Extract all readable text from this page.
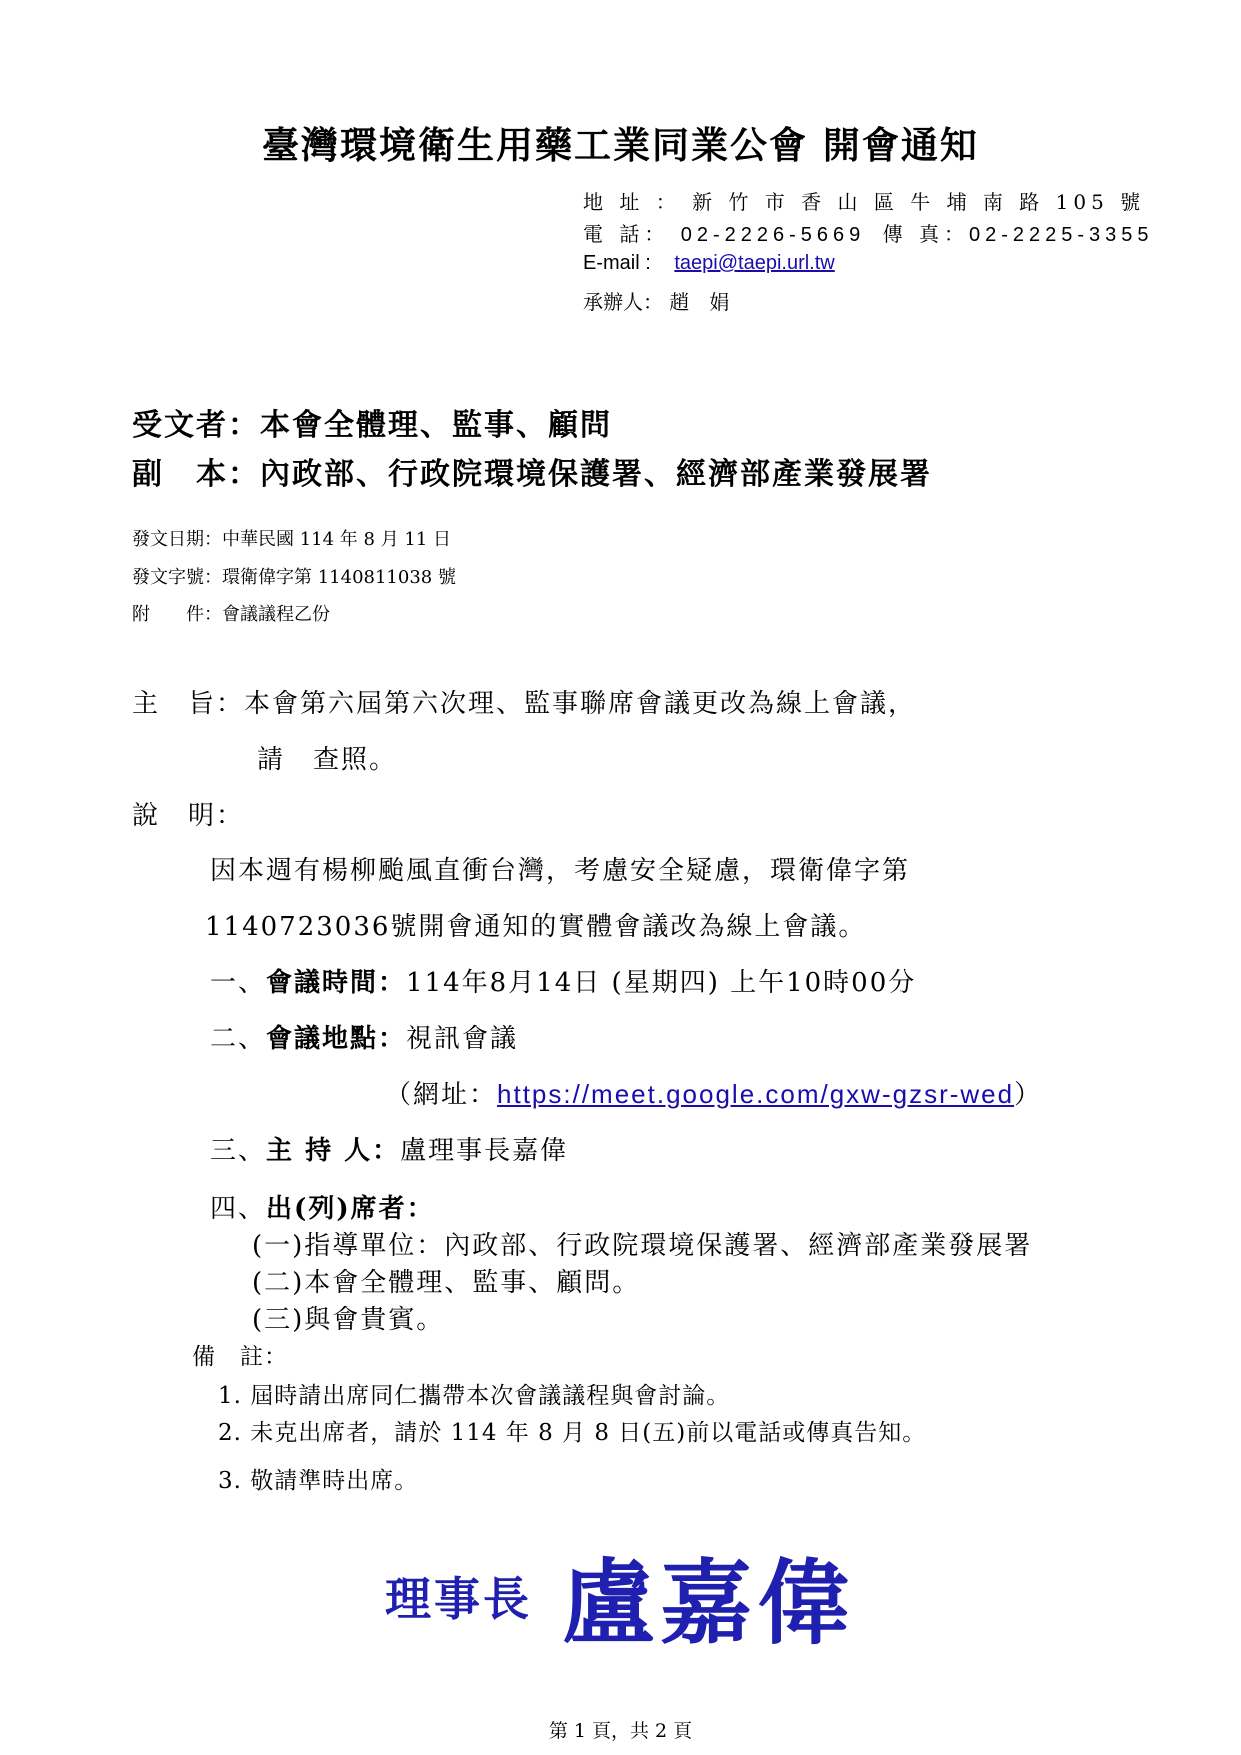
臺灣環境衛生用藥工業同業公會 開會通知
地 址 ： 新 竹 市 香 山 區 牛 埔 南 路 105 號
電 話： 02-2226-5669 傳 真：02-2225-3355
E-mail : taepi@taepi.url.tw
承辦人： 趙　娟
受文者：本會全體理、監事、顧問
副　本：內政部、行政院環境保護署、經濟部產業發展署
發文日期：中華民國 114 年 8 月 11 日
發文字號：環衛偉字第 1140811038 號
附　　件：會議議程乙份
主　旨：本會第六屆第六次理、監事聯席會議更改為線上會議，
請　查照。
說　明：
因本週有楊柳颱風直衝台灣，考慮安全疑慮，環衛偉字第
1140723036號開會通知的實體會議改為線上會議。
一、會議時間：114年8月14日 (星期四) 上午10時00分
二、會議地點：視訊會議
（網址：https://meet.google.com/gxw-gzsr-wed）
三、主 持 人：盧理事長嘉偉
四、出(列)席者：
(一)指導單位：內政部、行政院環境保護署、經濟部產業發展署
(二)本會全體理、監事、顧問。
(三)與會貴賓。
備　註：
1. 屆時請出席同仁攜帶本次會議議程與會討論。
2. 未克出席者，請於 114 年 8 月 8 日(五)前以電話或傳真告知。
3. 敬請準時出席。
理事長 盧嘉偉
第 1 頁，共 2 頁
